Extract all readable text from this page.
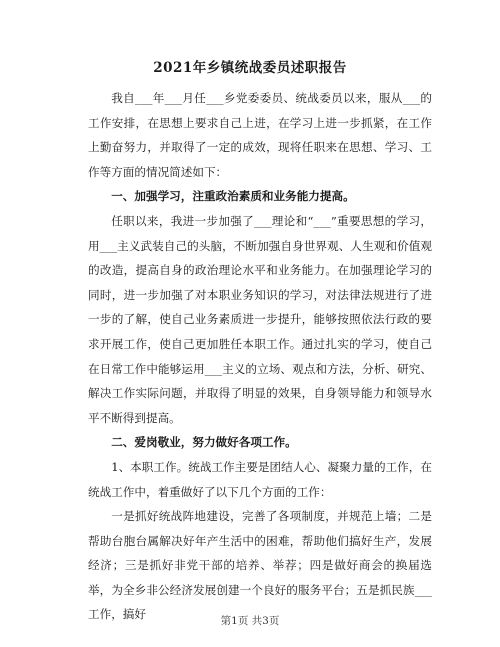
2021年乡镇统战委员述职报告

我自___年___月任___乡党委委员、统战委员以来，服从___的工作安排，在思想上要求自己上进，在学习上进一步抓紧，在工作上勤奋努力，并取得了一定的成效，现将任职来在思想、学习、工作等方面的情况简述如下：

一、加强学习，注重政治素质和业务能力提高。

任职以来，我进一步加强了___理论和“___”重要思想的学习，用___主义武装自己的头脑，不断加强自身世界观、人生观和价值观的改造，提高自身的政治理论水平和业务能力。在加强理论学习的同时，进一步加强了对本职业务知识的学习，对法律法规进行了进一步的了解，使自己业务素质进一步提升，能够按照依法行政的要求开展工作，使自己更加胜任本职工作。通过扎实的学习，使自己在日常工作中能够运用___主义的立场、观点和方法，分析、研究、解决工作实际问题，并取得了明显的效果，自身领导能力和领导水平不断得到提高。

二、爱岗敬业，努力做好各项工作。

1、本职工作。统战工作主要是团结人心、凝聚力量的工作，在统战工作中，着重做好了以下几个方面的工作：

一是抓好统战阵地建设，完善了各项制度，并规范上墙；二是帮助台胞台属解决好年产生活中的困难，帮助他们搞好生产，发展经济；三是抓好非党干部的培养、举荐；四是做好商会的换届选举，为全乡非公经济发展创建一个良好的服务平台；五是抓民族___工作，搞好	第1页 共3页
